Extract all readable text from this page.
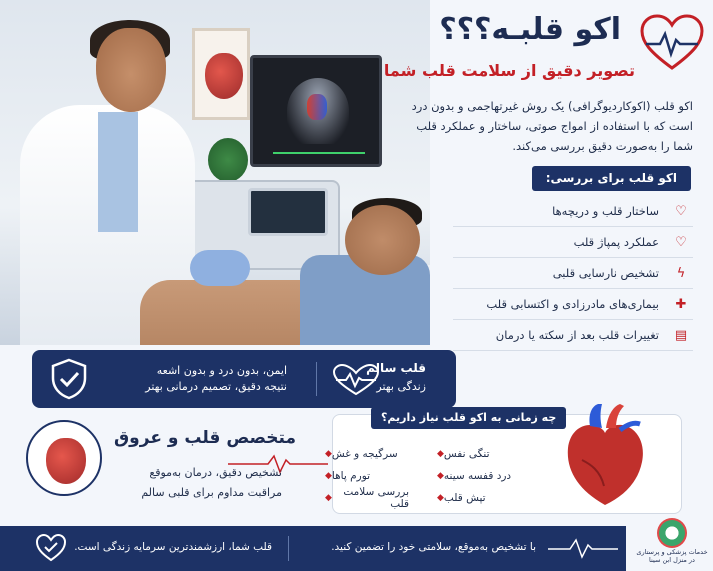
اکو قلبـه؟؟؟
تصویر دقیق از سلامت قلب شما
اکو قلب (اکوکاردیوگرافی) یک روش غیرتهاجمی و بدون درد است که با استفاده از امواج صوتی، ساختار و عملکرد قلب شما را به‌صورت دقیق بررسی می‌کند.
اکو قلب برای بررسی:
♡
ساختار قلب و دریچه‌ها
♡
عملکرد پمپاژ قلب
ϟ
تشخیص نارسایی قلبی
✚
بیماری‌های مادرزادی و اکتسابی قلب
▤
تغییرات قلب بعد از سکته یا درمان
ایمن، بدون درد و بدون اشعه
نتیجه دقیق، تصمیم درمانی بهتر
قلب سالم
زندگی بهتر
متخصص قلب و عروق
تشخیص دقیق، درمان به‌موقع
مراقبت مداوم برای قلبی سالم
چه زمانی به اکو قلب نیاز داریم؟
◆ تنگی نفس
◆ درد قفسه سینه
◆ تپش قلب
◆ سرگیجه و غش
◆ تورم پاها
◆	بررسی سلامت قلب
قلب شما، ارزشمندترین سرمایه زندگی است.	با تشخیص به‌موقع، سلامتی خود را تضمین کنید.	خدمات پزشکی و پرستاری در منزل ابن سینا
